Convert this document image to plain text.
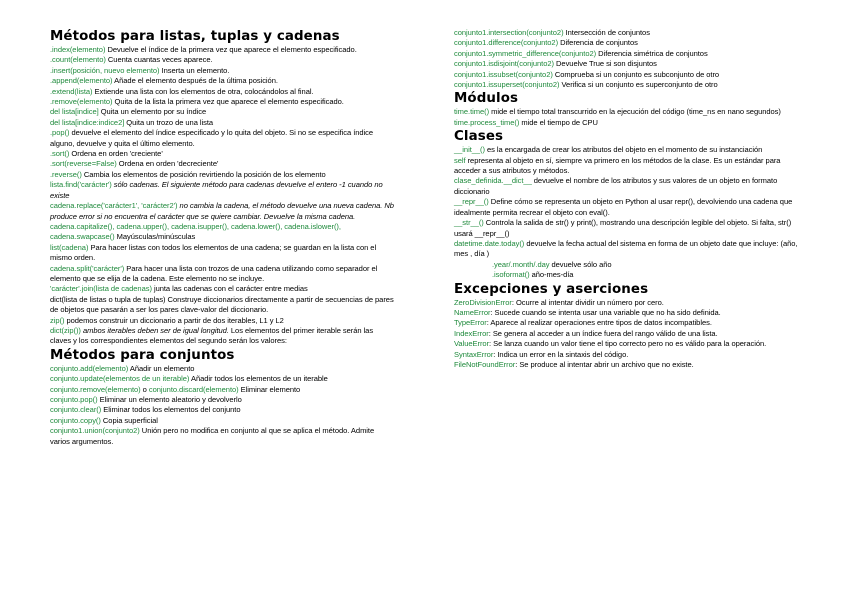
Métodos para listas, tuplas y cadenas

.index(elemento) Devuelve el índice de la primera vez que aparece el elemento especificado.

.count(elemento) Cuenta cuantas veces aparece.

.insert(posición, nuevo elemento) Inserta un elemento.

.append(elemento) Añade el elemento después de la última posición.

.extend(lista) Extiende una lista con los elementos de otra, colocándolos al final.

.remove(elemento) Quita de la lista la primera vez que aparece el elemento especificado.

del lista[indice] Quita un elemento por su índice

del lista[indice:indice2] Quita un trozo de una lista

.pop() devuelve el elemento del índice especificado y lo quita del objeto. Si no se especifica índice alguno, devuelve y quita el último elemento.

.sort() Ordena en orden 'creciente'

.sort(reverse=False) Ordena en orden 'decreciente'

.reverse() Cambia los elementos de posición revirtiendo la posición de los elemento

lista.find('carácter') sólo cadenas. El siguiente método para cadenas devuelve el entero -1 cuando no existe

cadena.replace('carácter1', 'carácter2') no cambia la cadena, el método devuelve una nueva cadena. Nb produce error si no encuentra el carácter que se quiere cambiar. Devuelve la misma cadena.

cadena.capitalize(), cadena.upper(), cadena.isupper(), cadena.lower(), cadena.islower(), cadena.swapcase() Mayúsculas/minúsculas

list(cadena) Para hacer listas con todos los elementos de una cadena; se guardan en la lista con el mismo orden.

cadena.split('carácter') Para hacer una lista con trozos de una cadena utilizando como separador el elemento que se elija de la cadena. Este elemento no se incluye.

'carácter'.join(lista de cadenas) junta las cadenas con el carácter entre medias

dict(lista de listas o tupla de tuplas) Construye diccionarios directamente a partir de secuencias de pares de objetos que pasarán a ser los pares clave-valor del diccionario.

zip() podemos construir un diccionario a partir de dos iterables, L1 y L2

dict(zip()) ambos iterables deben ser de igual longitud. Los elementos del primer iterable serán las claves y los correspondientes elementos del segundo serán los valores:

Métodos para conjuntos

conjunto.add(elemento) Añadir un elemento

conjunto.update(elementos de un iterable) Añadir todos los elementos de un iterable

conjunto.remove(elemento) o conjunto.discard(elemento) Eliminar elemento

conjunto.pop() Eliminar un elemento aleatorio y devolverlo

conjunto.clear() Eliminar todos los elementos del conjunto

conjunto.copy() Copia superficial

conjunto1.union(conjunto2) Unión pero no modifica en conjunto al que se aplica el método. Admite varios argumentos.

conjunto1.intersection(conjunto2) Intersección de conjuntos

conjunto1.difference(conjunto2) Diferencia de conjuntos

conjunto1.symmetric_difference(conjunto2) Diferencia simétrica de conjuntos

conjunto1.isdisjoint(conjunto2) Devuelve True si son disjuntos

conjunto1.issubset(conjunto2) Comprueba si un conjunto es subconjunto de otro

conjunto1.issuperset(conjunto2) Verifica si un conjunto es superconjunto de otro

Módulos

time.time() mide el tiempo total transcurrido en la ejecución del código (time_ns en nano segundos)

time.process_time() mide el tiempo de CPU

Clases

__init__() es la encargada de crear los atributos del objeto en el momento de su instanciación

self representa al objeto en sí, siempre va primero en los métodos de la clase. Es un estándar para acceder a sus atributos y métodos.

clase_definida.__dict__ devuelve el nombre de los atributos y sus valores de un objeto en formato diccionario

__repr__() Define cómo se representa un objeto en Python al usar repr(), devolviendo una cadena que idealmente permita recrear el objeto con eval().

__str__() Controla la salida de str() y print(), mostrando una descripción legible del objeto. Si falta, str() usará __repr__()

datetime.date.today() devuelve la fecha actual del sistema en forma de un objeto date que incluye: (año, mes , día )

.year/.month/.day devuelve sólo año

.isoformat() año-mes-día

Excepciones y aserciones

ZeroDivisionError: Ocurre al intentar dividir un número por cero.

NameError: Sucede cuando se intenta usar una variable que no ha sido definida.

TypeError: Aparece al realizar operaciones entre tipos de datos incompatibles.

IndexError: Se genera al acceder a un índice fuera del rango válido de una lista.

ValueError: Se lanza cuando un valor tiene el tipo correcto pero no es válido para la operación.

SyntaxError: Indica un error en la sintaxis del código.

FileNotFoundError: Se produce al intentar abrir un archivo que no existe.
